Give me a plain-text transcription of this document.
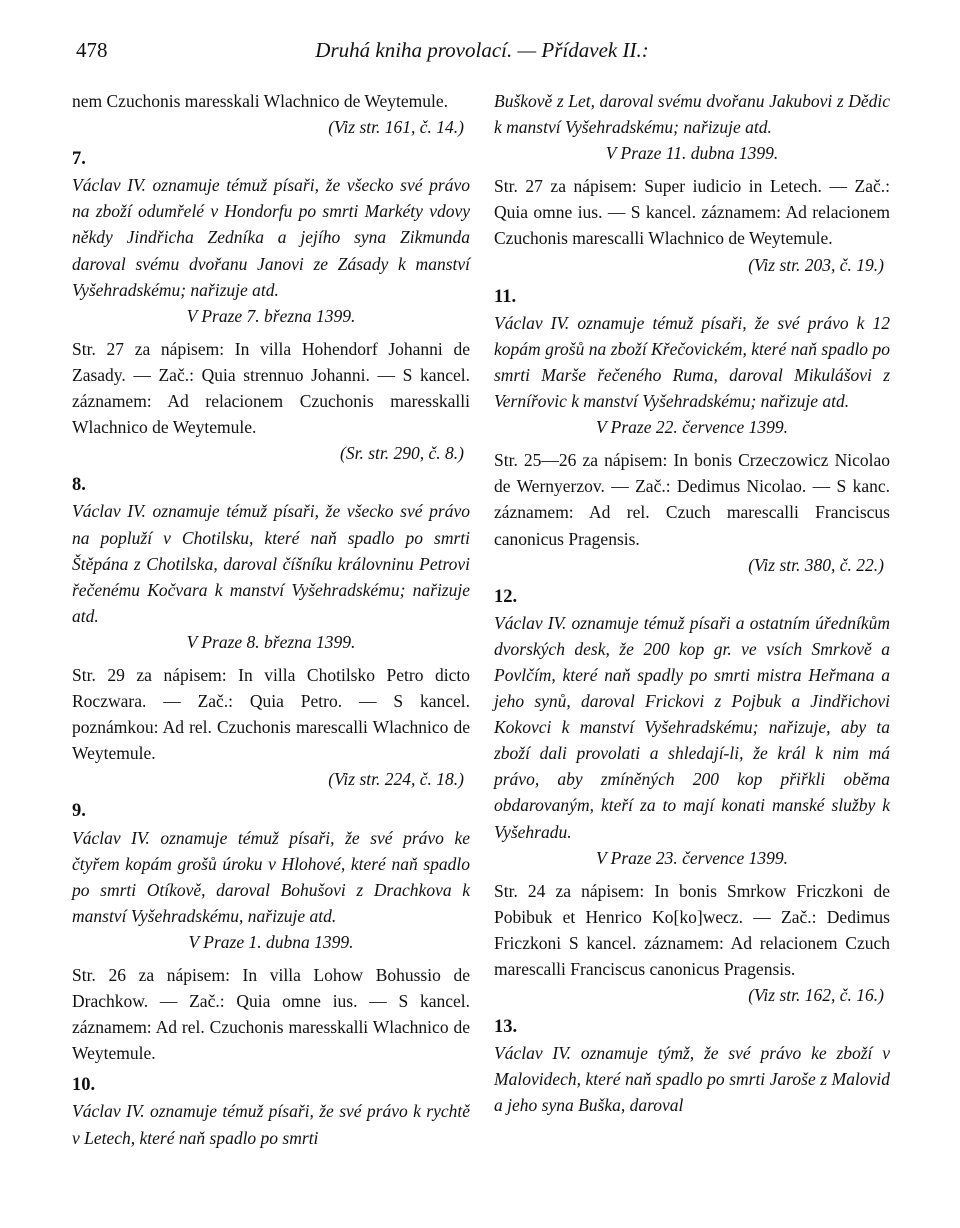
478	Druhá kniha provolací. — Přídavek II.:

nem Czuchonis maresskali Wlachnico de Weytemule.

(Viz str. 161, č. 14.)

7.

Václav IV. oznamuje témuž písaři, že všecko své právo na zboží odumřelé v Hondorfu po smrti Markéty vdovy někdy Jindřicha Zedníka a jejího syna Zikmunda daroval svému dvořanu Janovi ze Zásady k manství Vyšehradskému; nařizuje atd.

V Praze 7. března 1399.

Str. 27 za nápisem: In villa Hohendorf Johanni de Zasady. — Zač.: Quia strennuo Johanni. — S kancel. záznamem: Ad relacionem Czuchonis maresskalli Wlachnico de Weytemule.

(Sr. str. 290, č. 8.)

8.

Václav IV. oznamuje témuž písaři, že všecko své právo na popluží v Chotilsku, které naň spadlo po smrti Štěpána z Chotilska, daroval číšníku královninu Petrovi řečenému Kočvara k manství Vyšehradskému; nařizuje atd.

V Praze 8. března 1399.

Str. 29 za nápisem: In villa Chotilsko Petro dicto Roczwara. — Zač.: Quia Petro. — S kancel. poznámkou: Ad rel. Czuchonis marescalli Wlachnico de Weytemule.

(Viz str. 224, č. 18.)

9.

Václav IV. oznamuje témuž písaři, že své právo ke čtyřem kopám grošů úroku v Hlohové, které naň spadlo po smrti Otíkově, daroval Bohušovi z Drachkova k manství Vyšehradskému, nařizuje atd.

V Praze 1. dubna 1399.

Str. 26 za nápisem: In villa Lohow Bohussio de Drachkow. — Zač.: Quia omne ius. — S kancel. záznamem: Ad rel. Czuchonis maresskalli Wlachnico de Weytemule.

10.

Václav IV. oznamuje témuž písaři, že své právo k rychtě v Letech, které naň spadlo po smrti

Buškově z Let, daroval svému dvořanu Jakubovi z Dědic k manství Vyšehradskému; nařizuje atd.

V Praze 11. dubna 1399.

Str. 27 za nápisem: Super iudicio in Letech. — Zač.: Quia omne ius. — S kancel. záznamem: Ad relacionem Czuchonis marescalli Wlachnico de Weytemule.

(Viz str. 203, č. 19.)

11.

Václav IV. oznamuje témuž písaři, že své právo k 12 kopám grošů na zboží Křečovickém, které naň spadlo po smrti Marše řečeného Ruma, daroval Mikulášovi z Vernířovic k manství Vyšehradskému; nařizuje atd.

V Praze 22. července 1399.

Str. 25—26 za nápisem: In bonis Crzeczowicz Nicolao de Wernyerzov. — Zač.: Dedimus Nicolao. — S kanc. záznamem: Ad rel. Czuch marescalli Franciscus canonicus Pragensis.

(Viz str. 380, č. 22.)

12.

Václav IV. oznamuje témuž písaři a ostatním úředníkům dvorských desk, že 200 kop gr. ve vsích Smrkově a Povlčím, které naň spadly po smrti mistra Heřmana a jeho synů, daroval Frickovi z Pojbuk a Jindřichovi Kokovci k manství Vyšehradskému; nařizuje, aby ta zboží dali provolati a shledají-li, že král k nim má právo, aby zmíněných 200 kop přiřkli oběma obdarovaným, kteří za to mají konati manské služby k Vyšehradu.

V Praze 23. července 1399.

Str. 24 za nápisem: In bonis Smrkow Friczkoni de Pobibuk et Henrico Ko[ko]wecz. — Zač.: Dedimus Friczkoni S kancel. záznamem: Ad relacionem Czuch marescalli Franciscus canonicus Pragensis.

(Viz str. 162, č. 16.)

13.

Václav IV. oznamuje týmž, že své právo ke zboží v Malovidech, které naň spadlo po smrti Jaroše z Malovid a jeho syna Buška, daroval
